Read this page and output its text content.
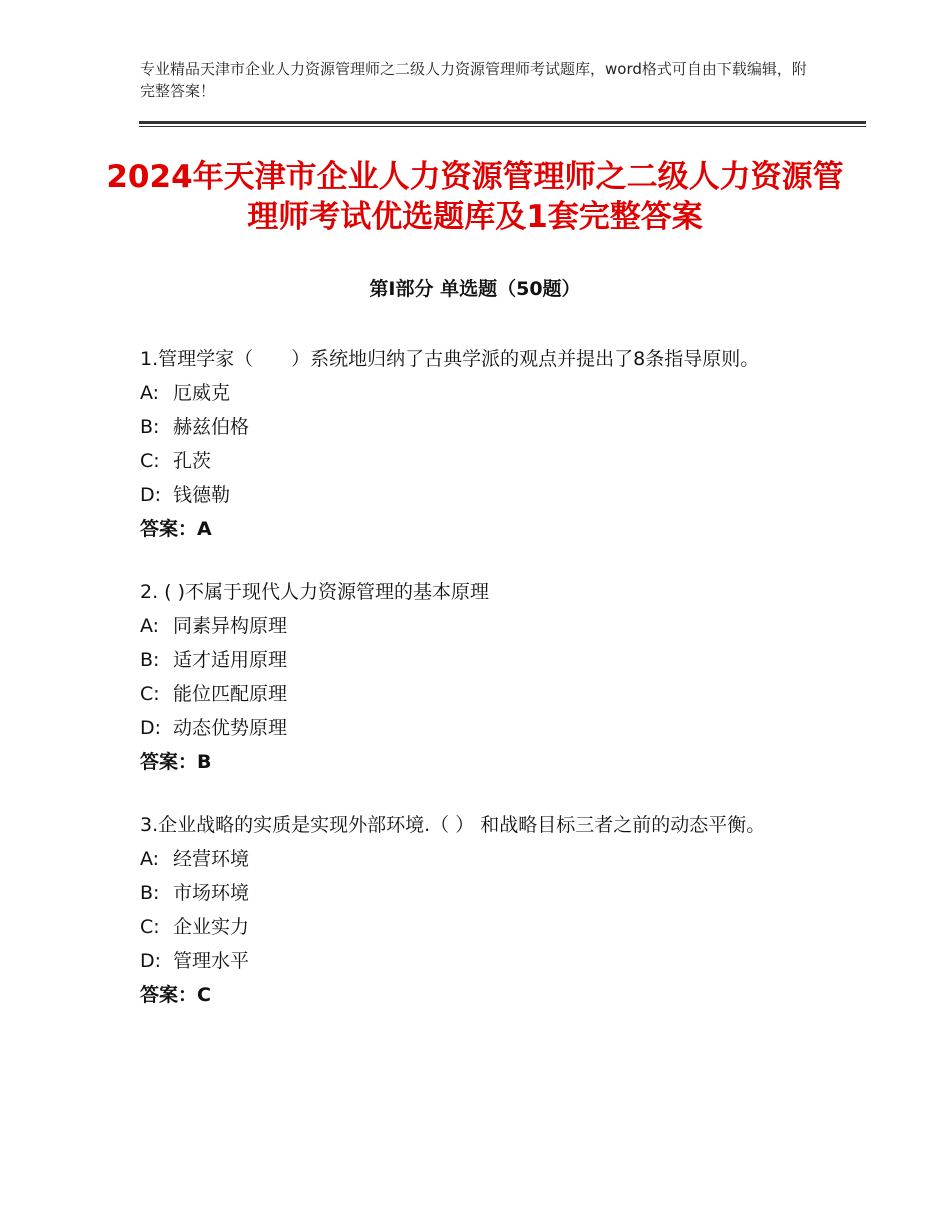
专业精品天津市企业人力资源管理师之二级人力资源管理师考试题库，word格式可自由下载编辑，附完整答案！
2024年天津市企业人力资源管理师之二级人力资源管理师考试优选题库及1套完整答案
第Ⅰ部分 单选题（50题）
1.管理学家（　　）系统地归纳了古典学派的观点并提出了8条指导原则。
A: 厄威克
B: 赫兹伯格
C: 孔茨
D: 钱德勒
答案：A
2. ( )不属于现代人力资源管理的基本原理
A: 同素异构原理
B: 适才适用原理
C: 能位匹配原理
D: 动态优势原理
答案：B
3.企业战略的实质是实现外部环境.（ ） 和战略目标三者之前的动态平衡。
A: 经营环境
B: 市场环境
C: 企业实力
D: 管理水平
答案：C
